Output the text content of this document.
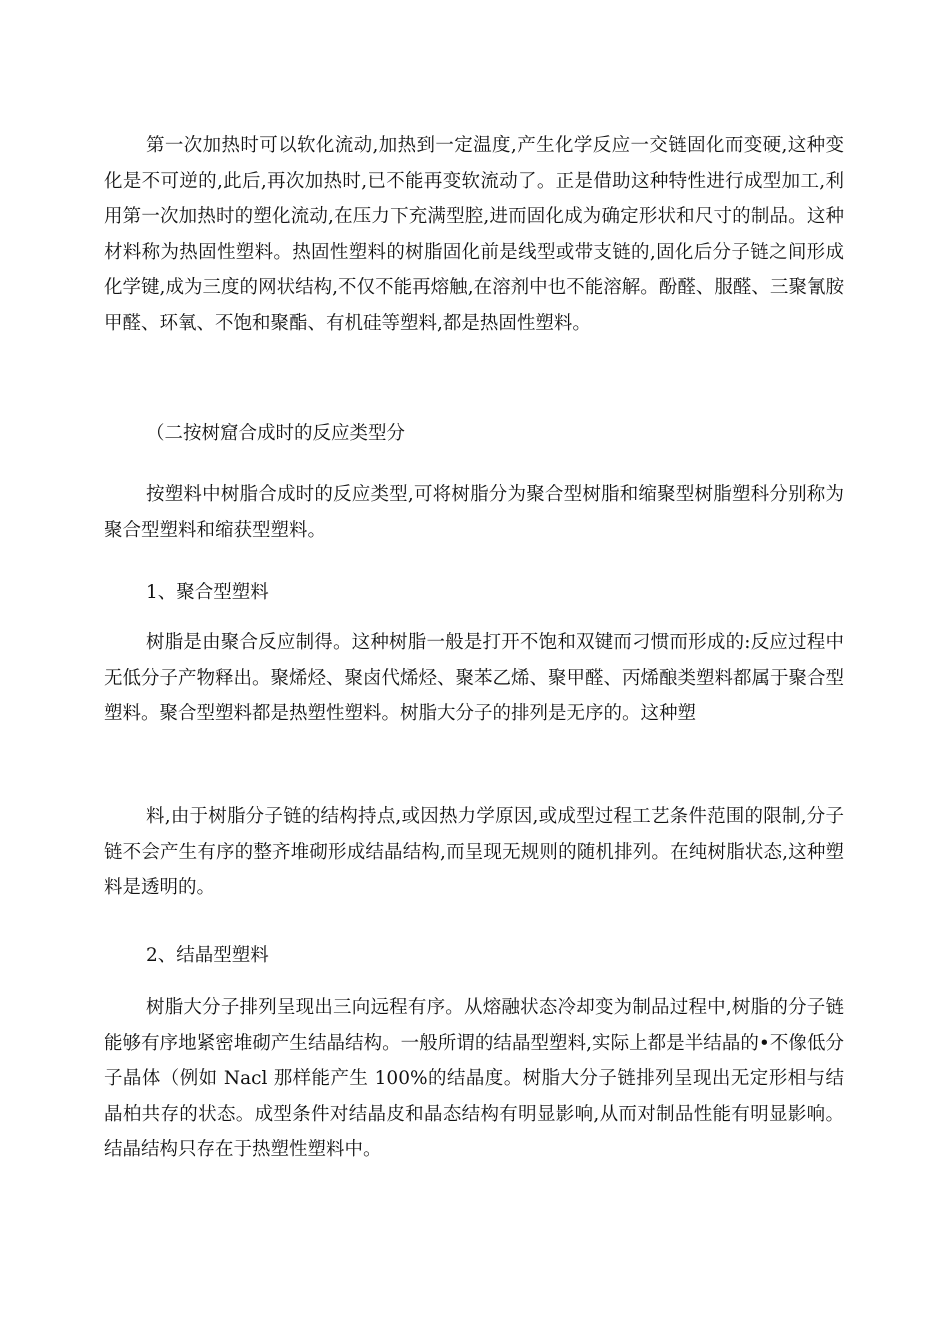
第一次加热时可以软化流动,加热到一定温度,产生化学反应一交链固化而变硬,这种变化是不可逆的,此后,再次加热时,已不能再变软流动了。正是借助这种特性进行成型加工,利用第一次加热时的塑化流动,在压力下充满型腔,进而固化成为确定形状和尺寸的制品。这种材料称为热固性塑料。热固性塑料的树脂固化前是线型或带支链的,固化后分子链之间形成化学键,成为三度的网状结构,不仅不能再熔触,在溶剂中也不能溶解。酚醛、服醛、三聚氰胺甲醛、环氧、不饱和聚酯、有机硅等塑料,都是热固性塑料。

（二按树窟合成时的反应类型分

按塑料中树脂合成时的反应类型,可将树脂分为聚合型树脂和缩聚型树脂塑科分别称为聚合型塑料和缩获型塑料。

1、聚合型塑料

树脂是由聚合反应制得。这种树脂一般是打开不饱和双键而刁惯而形成的:反应过程中无低分子产物释出。聚烯烃、聚卤代烯烃、聚苯乙烯、聚甲醛、丙烯酿类塑料都属于聚合型塑料。聚合型塑料都是热塑性塑料。树脂大分子的排列是无序的。这种塑

料,由于树脂分子链的结构持点,或因热力学原因,或成型过程工艺条件范围的限制,分子链不会产生有序的整齐堆砌形成结晶结构,而呈现无规则的随机排列。在纯树脂状态,这种塑料是透明的。

2、结晶型塑料

树脂大分子排列呈现出三向远程有序。从熔融状态冷却变为制品过程中,树脂的分子链能够有序地紧密堆砌产生结晶结构。一般所谓的结晶型塑料,实际上都是半结晶的•不像低分子晶体（例如 Nacl 那样能产生 100%的结晶度。树脂大分子链排列呈现出无定形相与结晶柏共存的状态。成型条件对结晶皮和晶态结构有明显影响,从而对制品性能有明显影响。结晶结构只存在于热塑性塑料中。
